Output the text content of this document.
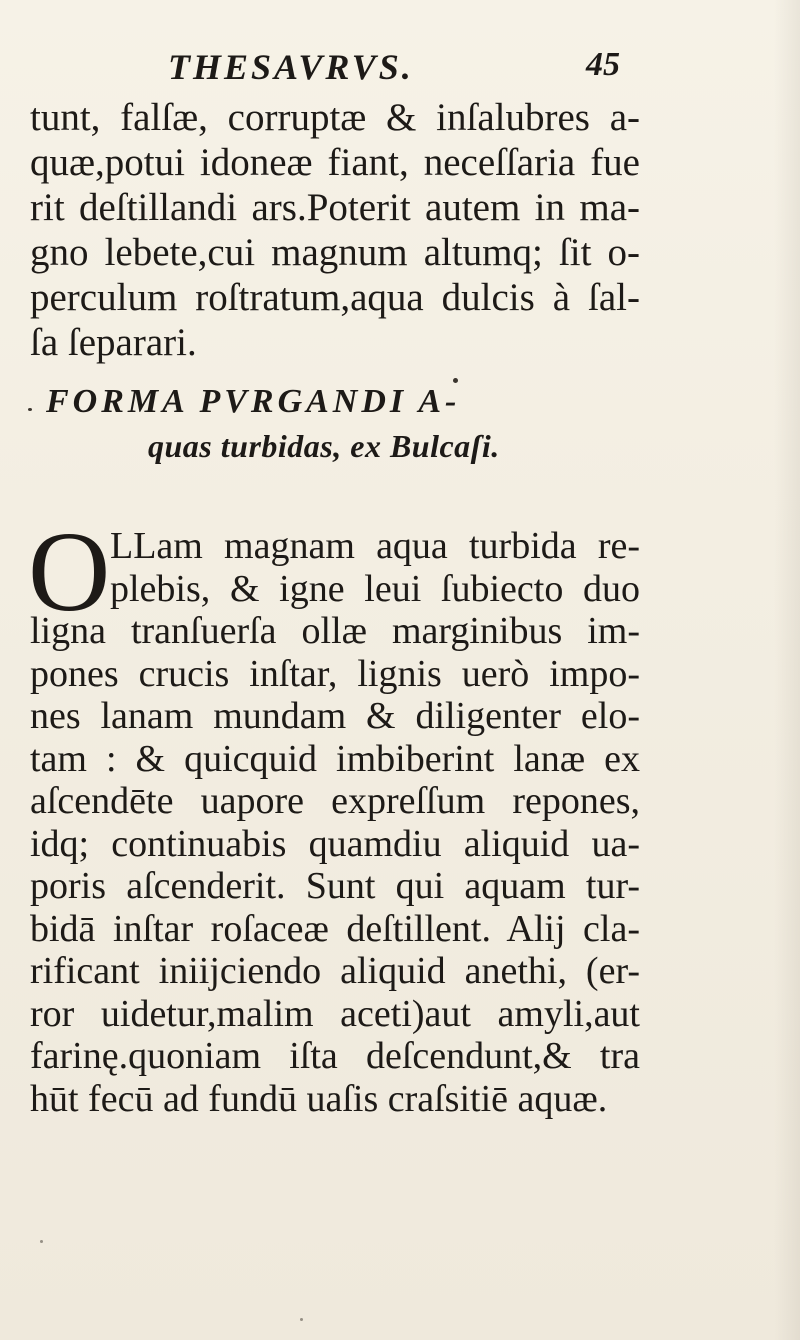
THESAVRVS.	45
tunt, falſæ, corruptæ & inſalubres a-
quæ,potui idoneæ fiant, neceſſaria fue
rit deſtillandi ars.Poterit autem in ma-
gno lebete,cui magnum altumq; ſit o-
perculum roſtratum,aqua dulcis à ſal-
ſa ſeparari.
FORMA PVRGANDI A-
quas turbidas, ex Bulcaſi.
O LLam magnam aqua turbida re-
plebis, & igne leui ſubiecto duo
ligna tranſuerſa ollæ marginibus im-
pones crucis inſtar, lignis uerò impo-
nes lanam mundam & diligenter elo-
tam : & quicquid imbiberint lanæ ex
aſcendēte uapore expreſſum repones,
idq; continuabis quamdiu aliquid ua-
poris aſcenderit. Sunt qui aquam tur-
bidā inſtar roſaceæ deſtillent. Alij cla-
rificant iniijciendo aliquid anethi, (er-
ror uidetur,malim aceti)aut amyli,aut
farinę.quoniam iſta deſcendunt,& tra
hūt fecū ad fundū uaſis craſsitiē aquæ.
